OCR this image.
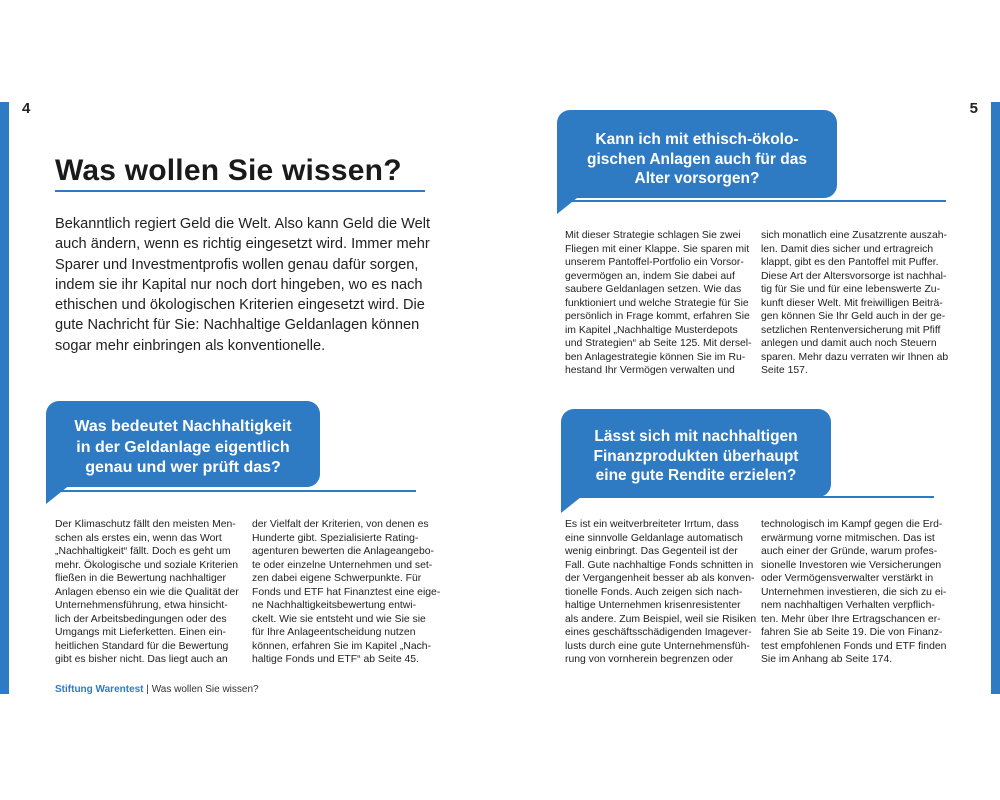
4	5
Was wollen Sie wissen?
Bekanntlich regiert Geld die Welt. Also kann Geld die Welt
auch ändern, wenn es richtig eingesetzt wird. Immer mehr
Sparer und Investmentprofis wollen genau dafür sorgen,
indem sie ihr Kapital nur noch dort hingeben, wo es nach
ethischen und ökologischen Kriterien eingesetzt wird. Die
gute Nachricht für Sie: Nachhaltige Geldanlagen können
sogar mehr einbringen als konventionelle.
Was bedeutet Nachhaltigkeit
in der Geldanlage eigentlich
genau und wer prüft das?
Der Klimaschutz fällt den meisten Men-
schen als erstes ein, wenn das Wort
„Nachhaltigkeit“ fällt. Doch es geht um
mehr. Ökologische und soziale Kriterien
fließen in die Bewertung nachhaltiger
Anlagen ebenso ein wie die Qualität der
Unternehmensführung, etwa hinsicht-
lich der Arbeitsbedingungen oder des
Umgangs mit Lieferketten. Einen ein-
heitlichen Standard für die Bewertung
gibt es bisher nicht. Das liegt auch an
der Vielfalt der Kriterien, von denen es
Hunderte gibt. Spezialisierte Rating-
agenturen bewerten die Anlageangebo-
te oder einzelne Unternehmen und set-
zen dabei eigene Schwerpunkte. Für
Fonds und ETF hat Finanztest eine eige-
ne Nachhaltigkeitsbewertung entwi-
ckelt. Wie sie entsteht und wie Sie sie
für Ihre Anlageentscheidung nutzen
können, erfahren Sie im Kapitel „Nach-
haltige Fonds und ETF“ ab Seite 45.
Kann ich mit ethisch-ökolo-
gischen Anlagen auch für das
Alter vorsorgen?
Mit dieser Strategie schlagen Sie zwei
Fliegen mit einer Klappe. Sie sparen mit
unserem Pantoffel-Portfolio ein Vorsor-
gevermögen an, indem Sie dabei auf
saubere Geldanlagen setzen. Wie das
funktioniert und welche Strategie für Sie
persönlich in Frage kommt, erfahren Sie
im Kapitel „Nachhaltige Musterdepots
und Strategien“ ab Seite 125. Mit dersel-
ben Anlagestrategie können Sie im Ru-
hestand Ihr Vermögen verwalten und
sich monatlich eine Zusatzrente auszah-
len. Damit dies sicher und ertragreich
klappt, gibt es den Pantoffel mit Puffer.
Diese Art der Altersvorsorge ist nachhal-
tig für Sie und für eine lebenswerte Zu-
kunft dieser Welt. Mit freiwilligen Beiträ-
gen können Sie Ihr Geld auch in der ge-
setzlichen Rentenversicherung mit Pfiff
anlegen und damit auch noch Steuern
sparen. Mehr dazu verraten wir Ihnen ab
Seite 157.
Lässt sich mit nachhaltigen
Finanzprodukten überhaupt
eine gute Rendite erzielen?
Es ist ein weitverbreiteter Irrtum, dass
eine sinnvolle Geldanlage automatisch
wenig einbringt. Das Gegenteil ist der
Fall. Gute nachhaltige Fonds schnitten in
der Vergangenheit besser ab als konven-
tionelle Fonds. Auch zeigen sich nach-
haltige Unternehmen krisenresistenter
als andere. Zum Beispiel, weil sie Risiken
eines geschäftsschädigenden Imagever-
lusts durch eine gute Unternehmensfüh-
rung von vornherein begrenzen oder
technologisch im Kampf gegen die Erd-
erwärmung vorne mitmischen. Das ist
auch einer der Gründe, warum profes-
sionelle Investoren wie Versicherungen
oder Vermögensverwalter verstärkt in
Unternehmen investieren, die sich zu ei-
nem nachhaltigen Verhalten verpflich-
ten. Mehr über Ihre Ertragschancen er-
fahren Sie ab Seite 19. Die von Finanz-
test empfohlenen Fonds und ETF finden
Sie im Anhang ab Seite 174.
Stiftung Warentest | Was wollen Sie wissen?
